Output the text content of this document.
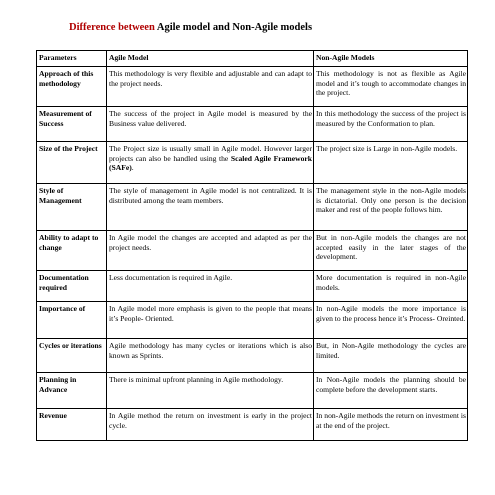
Difference between Agile model and Non-Agile models
Parameters	Agile Model	Non-Agile Models
Approach of this methodology	This methodology is very flexible and adjustable and can adapt to the project needs.	This methodology is not as flexible as Agile model and it’s tough to accommodate changes in the project.
Measurement of Success	The success of the project in Agile model is measured by the Business value delivered.	In this methodology the success of the project is measured by the Conformation to plan.
Size of the Project	The Project size is usually small in Agile model. However larger projects can also be handled using the Scaled Agile Framework (SAFe).	The project size is Large in non-Agile models.
Style of Management	The style of management in Agile model is not centralized. It is distributed among the team members.	The management style in the non-Agile models is dictatorial. Only one person is the decision maker and rest of the people follows him.
Ability to adapt to change	In Agile model the changes are accepted and adapted as per the project needs.	But in non-Agile models the changes are not accepted easily in the later stages of the development.
Documentation required	Less documentation is required in Agile.	More documentation is required in non-Agile models.
Importance of	In Agile model more emphasis is given to the people that means it’s People- Oriented.	In non-Agile models the more importance is given to the process hence it’s Process- Oreinted.
Cycles or iterations	Agile methodology has many cycles or iterations which is also known as Sprints.	But, in Non-Agile methodology the cycles are limited.
Planning in Advance	There is minimal upfront planning in Agile methodology.	In Non-Agile models the planning should be complete before the development starts.
Revenue	In Agile method the return on investment is early in the project cycle.	In non-Agile methods the return on investment is at the end of the project.
